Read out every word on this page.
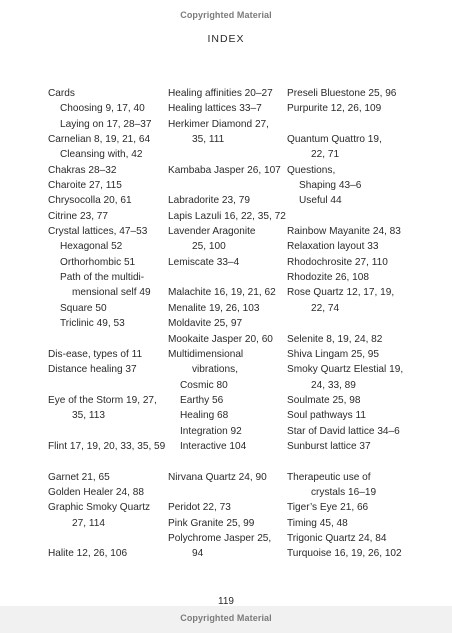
Copyrighted Material
INDEX
Cards
Choosing 9, 17, 40
Laying on 17, 28–37
Carnelian 8, 19, 21, 64
Cleansing with, 42
Chakras 28–32
Charoite 27, 115
Chrysocolla 20, 61
Citrine 23, 77
Crystal lattices, 47–53
Hexagonal 52
Orthorhombic 51
Path of the multidi-
mensional self 49
Square 50
Triclinic 49, 53
Dis-ease, types of 11
Distance healing 37
Eye of the Storm 19, 27,
35, 113
Flint 17, 19, 20, 33, 35, 59
Garnet 21, 65
Golden Healer 24, 88
Graphic Smoky Quartz
27, 114
Halite 12, 26, 106
Healing affinities 20–27
Healing lattices 33–7
Herkimer Diamond 27,
35, 111
Kambaba Jasper 26, 107
Labradorite 23, 79
Lapis Lazuli 16, 22, 35, 72
Lavender Aragonite
25, 100
Lemiscate 33–4
Malachite 16, 19, 21, 62
Menalite 19, 26, 103
Moldavite 25, 97
Mookaite Jasper 20, 60
Multidimensional
vibrations,
Cosmic 80
Earthy 56
Healing 68
Integration 92
Interactive 104
Nirvana Quartz 24, 90
Peridot 22, 73
Pink Granite 25, 99
Polychrome Jasper 25,
94
Preseli Bluestone 25, 96
Purpurite 12, 26, 109
Quantum Quattro 19,
22, 71
Questions,
Shaping 43–6
Useful 44
Rainbow Mayanite 24, 83
Relaxation layout 33
Rhodochrosite 27, 110
Rhodozite 26, 108
Rose Quartz 12, 17, 19,
22, 74
Selenite 8, 19, 24, 82
Shiva Lingam 25, 95
Smoky Quartz Elestial 19,
24, 33, 89
Soulmate 25, 98
Soul pathways 11
Star of David lattice 34–6
Sunburst lattice 37
Therapeutic use of
crystals 16–19
Tiger’s Eye 21, 66
Timing 45, 48
Trigonic Quartz 24, 84
Turquoise 16, 19, 26, 102
119
Copyrighted Material
